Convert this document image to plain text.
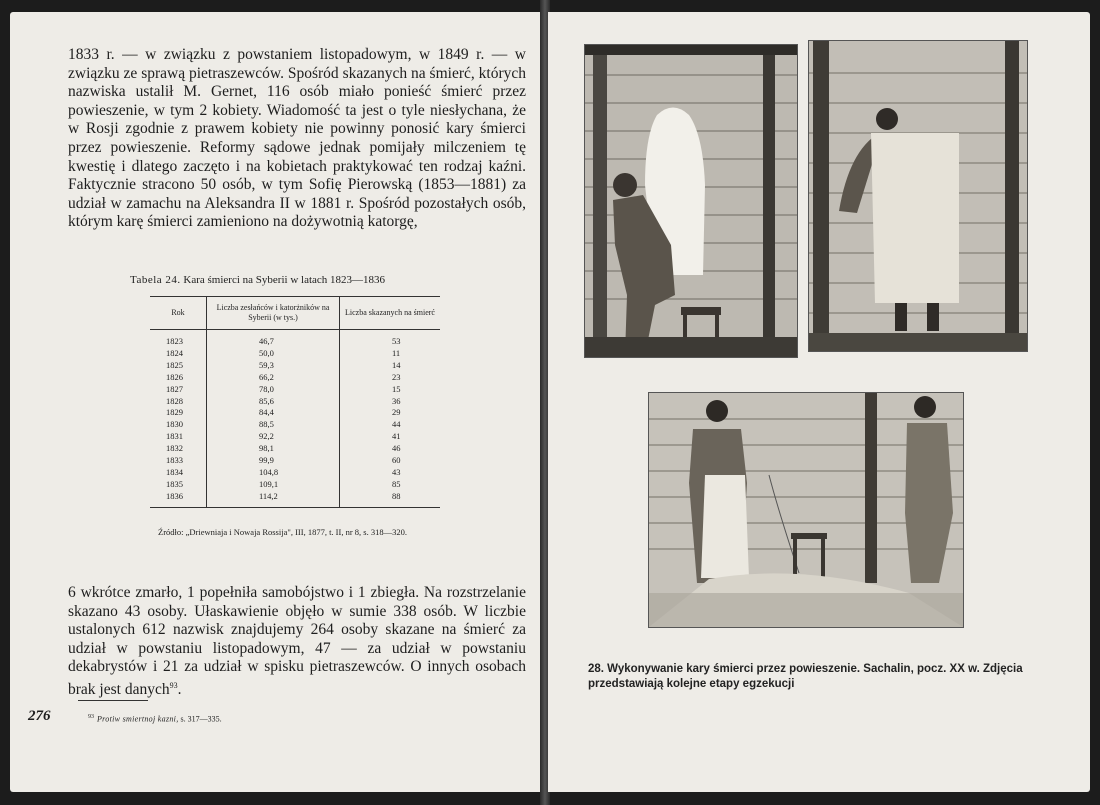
1833 r. — w związku z powstaniem listopadowym, w 1849 r. — w związku ze sprawą pietraszewców. Spośród skazanych na śmierć, których nazwiska ustalił M. Gernet, 116 osób miało ponieść śmierć przez powieszenie, w tym 2 kobiety. Wiadomość ta jest o tyle niesłychana, że w Rosji zgodnie z prawem kobiety nie powinny ponosić kary śmierci przez powieszenie. Reformy sądowe jednak pomijały milczeniem tę kwestię i dlatego zaczęto i na kobietach praktykować ten rodzaj kaźni. Faktycznie stracono 50 osób, w tym Sofię Pierowską (1853—1881) za udział w zamachu na Aleksandra II w 1881 r. Spośród pozostałych osób, którym karę śmierci zamieniono na dożywotnią katorgę,

Tabela 24. Kara śmierci na Syberii w latach 1823—1836
Rok	Liczba zesłańców i katorżników na Syberii (w tys.)	Liczba skazanych na śmierć
1823	46,7	53
1824	50,0	11
1825	59,3	14
1826	66,2	23
1827	78,0	15
1828	85,6	36
1829	84,4	29
1830	88,5	44
1831	92,2	41
1832	98,1	46
1833	99,9	60
1834	104,8	43
1835	109,1	85
1836	114,2	88
Źródło: „Driewniaja i Nowaja Rossija", III, 1877, t. II, nr 8, s. 318—320.

6 wkrótce zmarło, 1 popełniła samobójstwo i 1 zbiegła. Na rozstrzelanie skazano 43 osoby. Ułaskawienie objęło w sumie 338 osób. W liczbie ustalonych 612 nazwisk znajdujemy 264 osoby skazane na śmierć za udział w powstaniu listopadowym, 47 — za udział w powstaniu dekabrystów i 21 za udział w spisku pietraszewców. O innych osobach brak jest danych$^{93}$.

276	$^{93}$ Protiw smiertnoj kazni, s. 317—335.
28. Wykonywanie kary śmierci przez powieszenie. Sachalin, pocz. XX w. Zdjęcia przedstawiają kolejne etapy egzekucji
